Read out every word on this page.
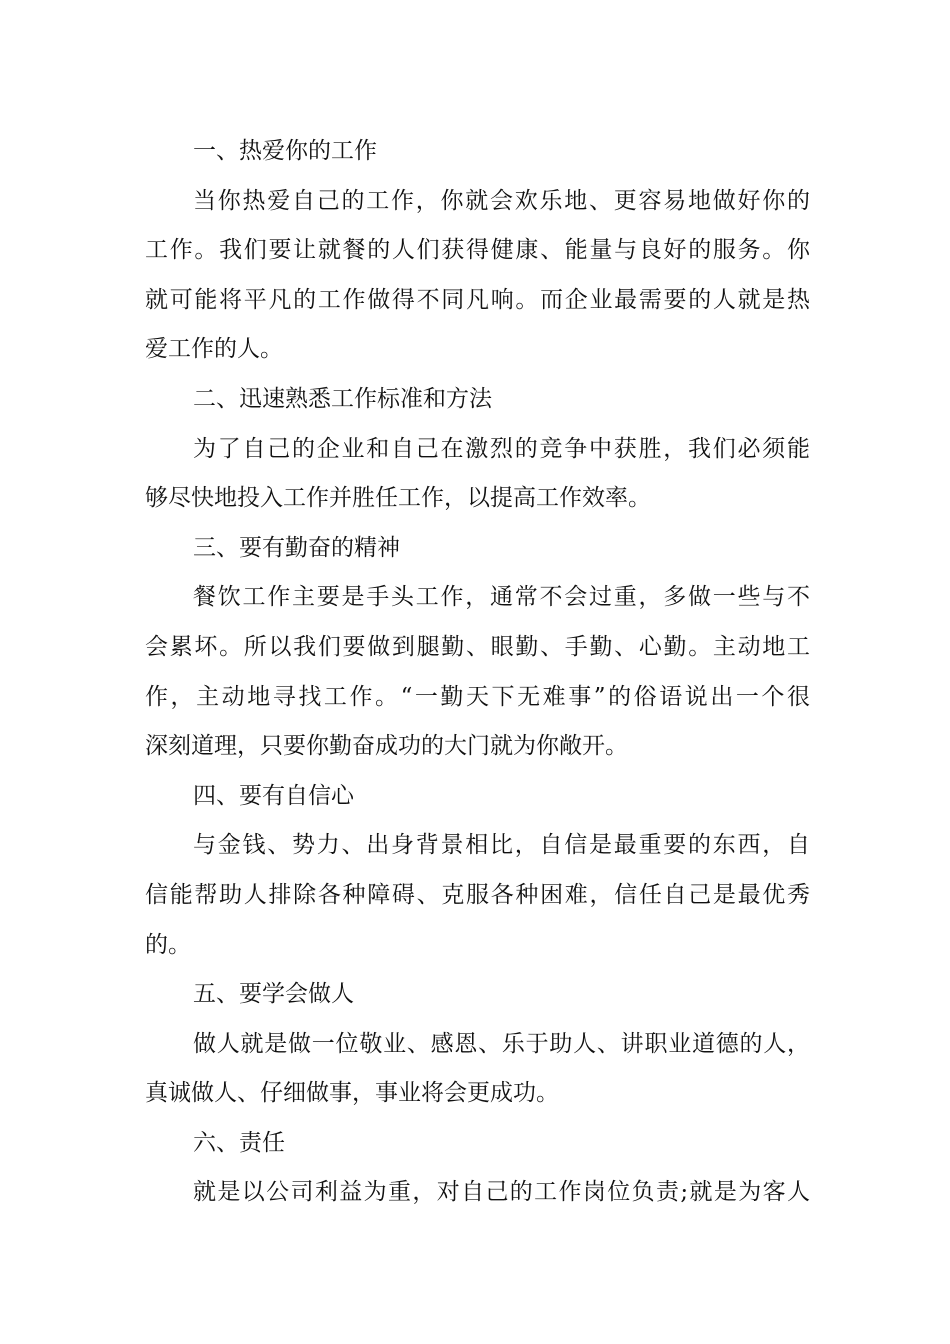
一、热爱你的工作
当你热爱自己的工作，你就会欢乐地、更容易地做好你的
工作。我们要让就餐的人们获得健康、能量与良好的服务。你
就可能将平凡的工作做得不同凡响。而企业最需要的人就是热
爱工作的人。
二、迅速熟悉工作标准和方法
为了自己的企业和自己在激烈的竞争中获胜，我们必须能
够尽快地投入工作并胜任工作，以提高工作效率。
三、要有勤奋的精神
餐饮工作主要是手头工作，通常不会过重，多做一些与不
会累坏。所以我们要做到腿勤、眼勤、手勤、心勤。主动地工
作，主动地寻找工作。“一勤天下无难事”的俗语说出一个很
深刻道理，只要你勤奋成功的大门就为你敞开。
四、要有自信心
与金钱、势力、出身背景相比，自信是最重要的东西，自
信能帮助人排除各种障碍、克服各种困难，信任自己是最优秀
的。
五、要学会做人
做人就是做一位敬业、感恩、乐于助人、讲职业道德的人，
真诚做人、仔细做事，事业将会更成功。
六、责任
就是以公司利益为重，对自己的工作岗位负责;就是为客人
